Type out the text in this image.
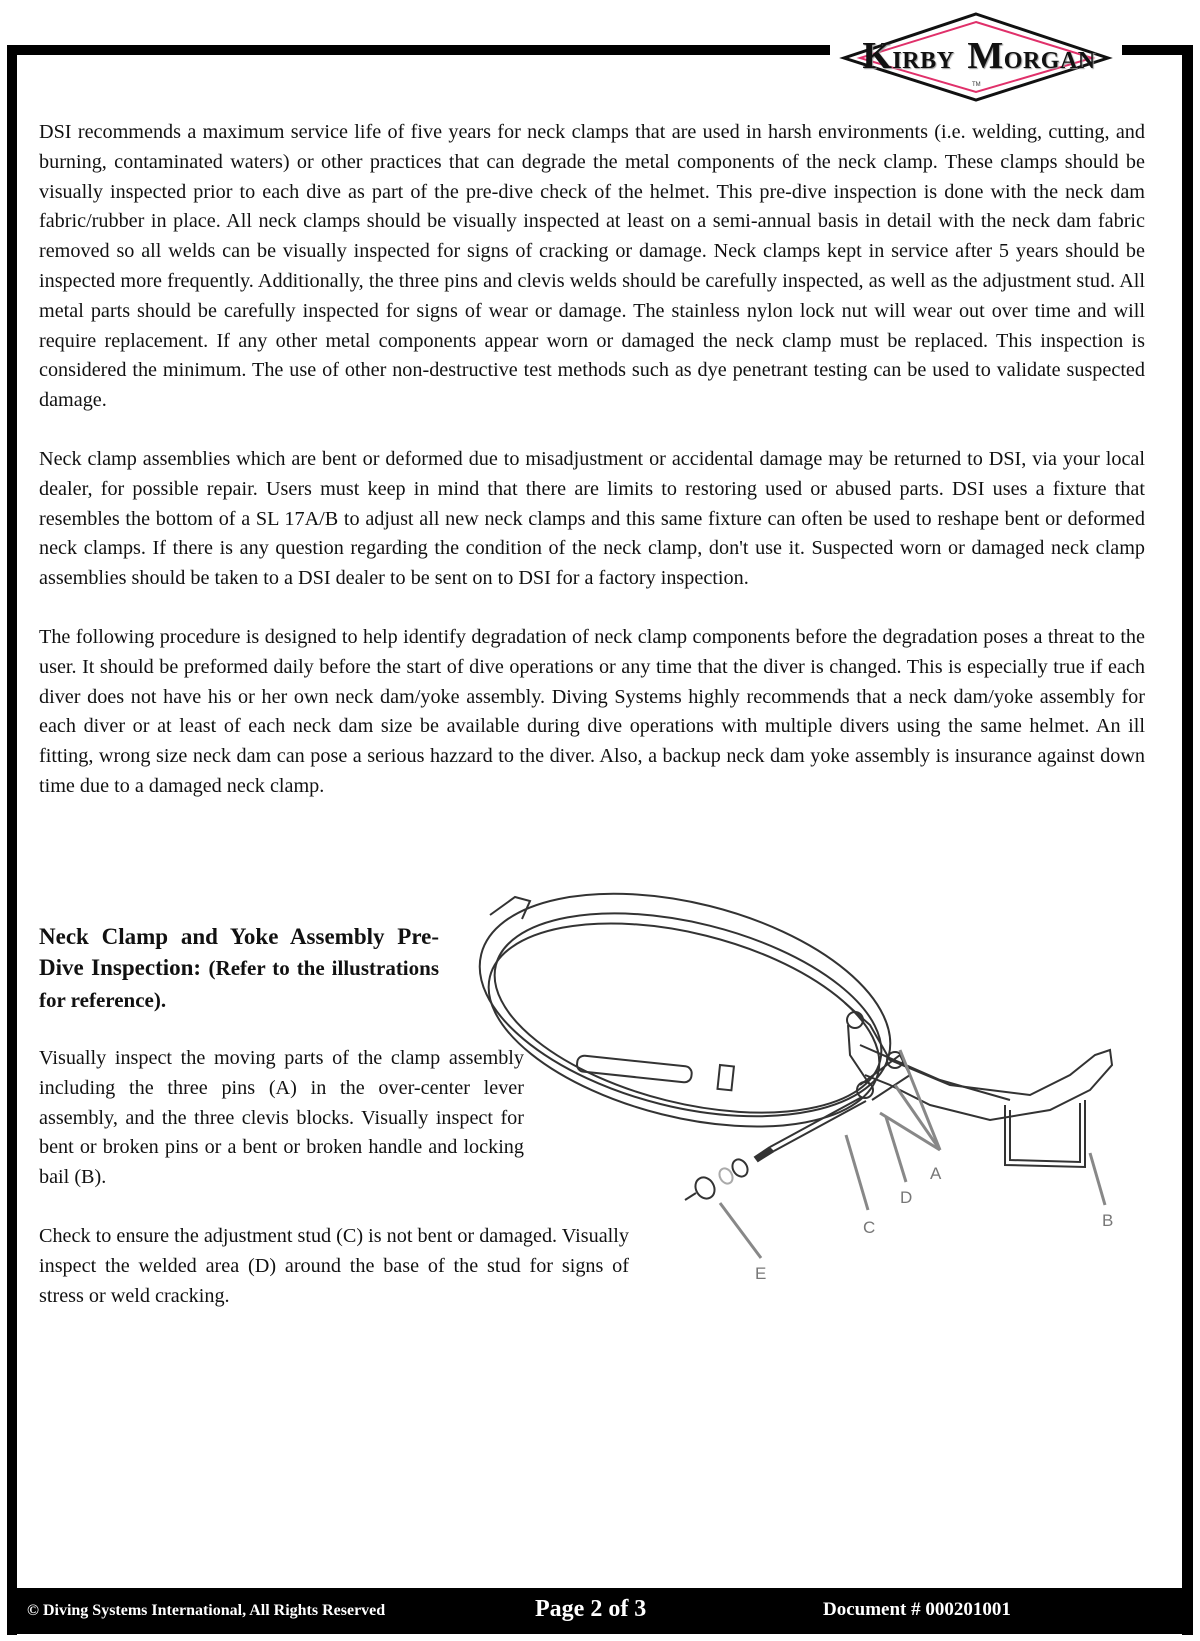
TM
KIRBY MORGAN

DSI recommends a maximum service life of five years for neck clamps that are used in harsh environments (i.e. welding, cutting, and burning, contaminated waters) or other practices that can degrade the metal components of the neck clamp. These clamps should be visually inspected prior to each dive as part of the pre-dive check of the helmet. This pre-dive inspection is done with the neck dam fabric/rubber in place. All neck clamps should be visually inspected at least on a semi-annual basis in detail with the neck dam fabric removed so all welds can be visually inspected for signs of cracking or damage. Neck clamps kept in service after 5 years should be inspected more frequently. Additionally, the three pins and clevis welds should be carefully inspected, as well as the adjustment stud. All metal parts should be carefully inspected for signs of wear or damage. The stainless nylon lock nut will wear out over time and will require replacement. If any other metal components appear worn or damaged the neck clamp must be replaced. This inspection is considered the minimum. The use of other non-destructive test methods such as dye penetrant testing can be used to validate suspected damage.

Neck clamp assemblies which are bent or deformed due to misadjustment or accidental damage may be returned to DSI, via your local dealer, for possible repair. Users must keep in mind that there are limits to restoring used or abused parts. DSI uses a fixture that resembles the bottom of a SL 17A/B to adjust all new neck clamps and this same fixture can often be used to reshape bent or deformed neck clamps. If there is any question regarding the condition of the neck clamp, don't use it. Suspected worn or damaged neck clamp assemblies should be taken to a DSI dealer to be sent on to DSI for a factory inspection.

The following procedure is designed to help identify degradation of neck clamp components before the degradation poses a threat to the user. It should be preformed daily before the start of dive operations or any time that the diver is changed. This is especially true if each diver does not have his or her own neck dam/yoke assembly. Diving Systems highly recommends that a neck dam/yoke assembly for each diver or at least of each neck dam size be available during dive operations with multiple divers using the same helmet. An ill fitting, wrong size neck dam can pose a serious hazzard to the diver. Also, a backup neck dam yoke assembly is insurance against down time due to a damaged neck clamp.

Neck Clamp and Yoke Assembly Pre-Dive Inspection: (Refer to the illustrations for reference).

Visually inspect the moving parts of the clamp assembly including the three pins (A) in the over-center lever assembly, and the three clevis blocks. Visually inspect for bent or broken pins or a bent or broken handle and locking bail (B).

Check to ensure the adjustment stud (C) is not bent or damaged. Visually inspect the welded area (D) around the base of the stud for signs of stress or weld cracking.

A
B
C
D
E
© Diving Systems International, All Rights Reserved	Page 2 of 3	Document # 000201001
